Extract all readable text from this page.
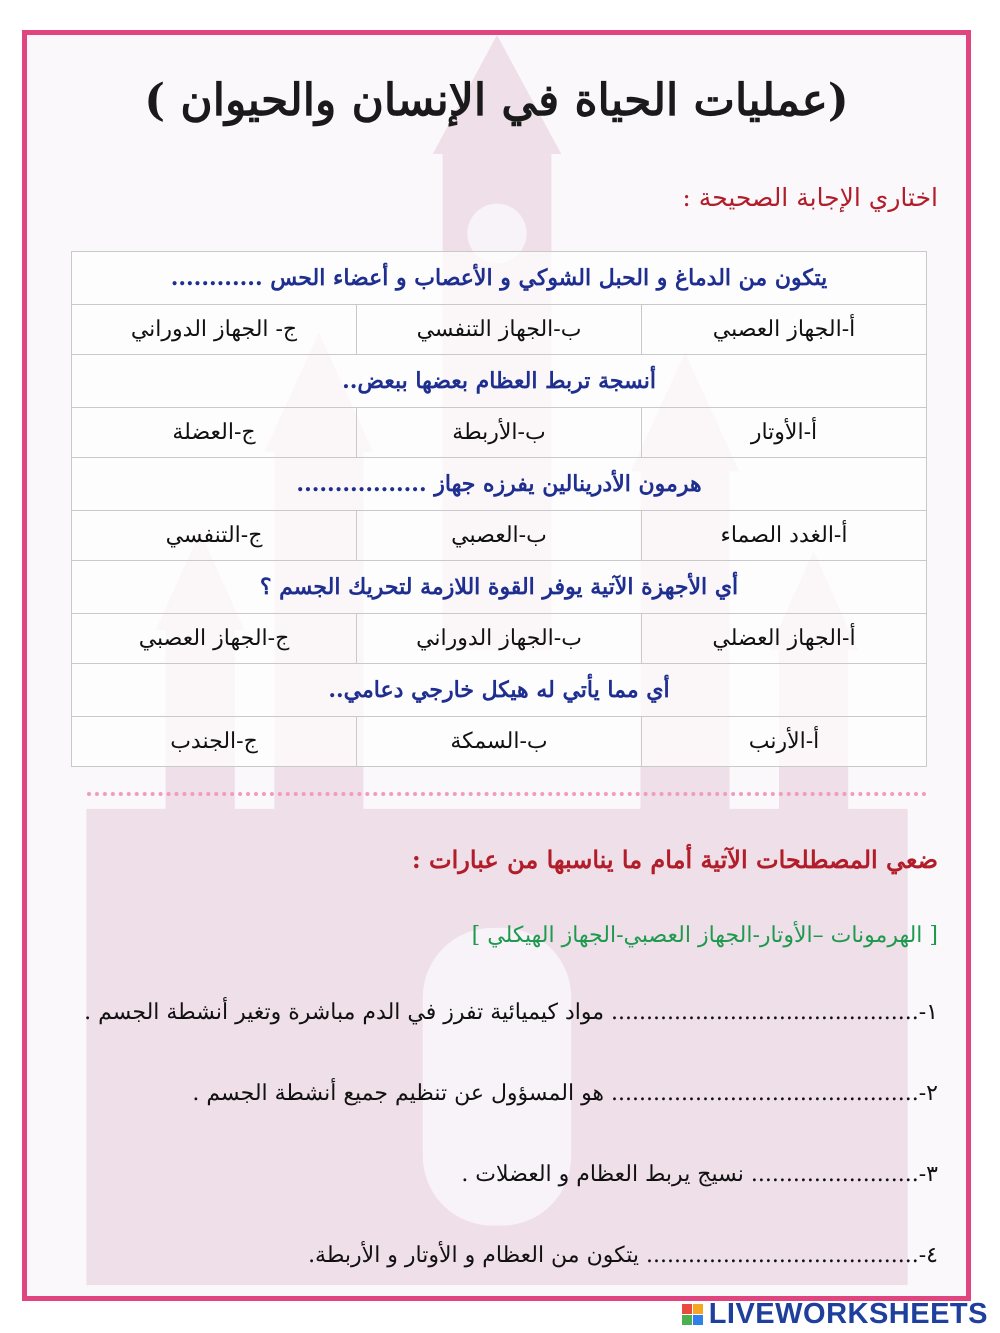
(عمليات الحياة في الإنسان والحيوان )
اختاري الإجابة الصحيحة :
يتكون من الدماغ و الحبل الشوكي و الأعصاب و أعضاء الحس ............		
أ-الجهاز العصبي	ب-الجهاز التنفسي	ج- الجهاز الدوراني
أنسجة تربط العظام بعضها ببعض..		
أ-الأوتار	ب-الأربطة	ج-العضلة
هرمون الأدرينالين يفرزه جهاز .................		
أ-الغدد الصماء	ب-العصبي	ج-التنفسي
أي الأجهزة الآتية يوفر القوة اللازمة لتحريك الجسم ؟		
أ-الجهاز العضلي	ب-الجهاز الدوراني	ج-الجهاز العصبي
أي مما يأتي له هيكل خارجي دعامي..		
أ-الأرنب	ب-السمكة	ج-الجندب
ضعي المصطلحات الآتية أمام ما يناسبها من عبارات :
[ الهرمونات –الأوتار-الجهاز العصبي-الجهاز الهيكلي ]
١-............................................ مواد كيميائية تفرز في الدم مباشرة وتغير أنشطة الجسم .
٢-............................................ هو المسؤول عن تنظيم جميع أنشطة الجسم .
٣-........................ نسيج يربط العظام و العضلات .
٤-....................................... يتكون من العظام و الأوتار و الأربطة.
LIVEWORKSHEETS
